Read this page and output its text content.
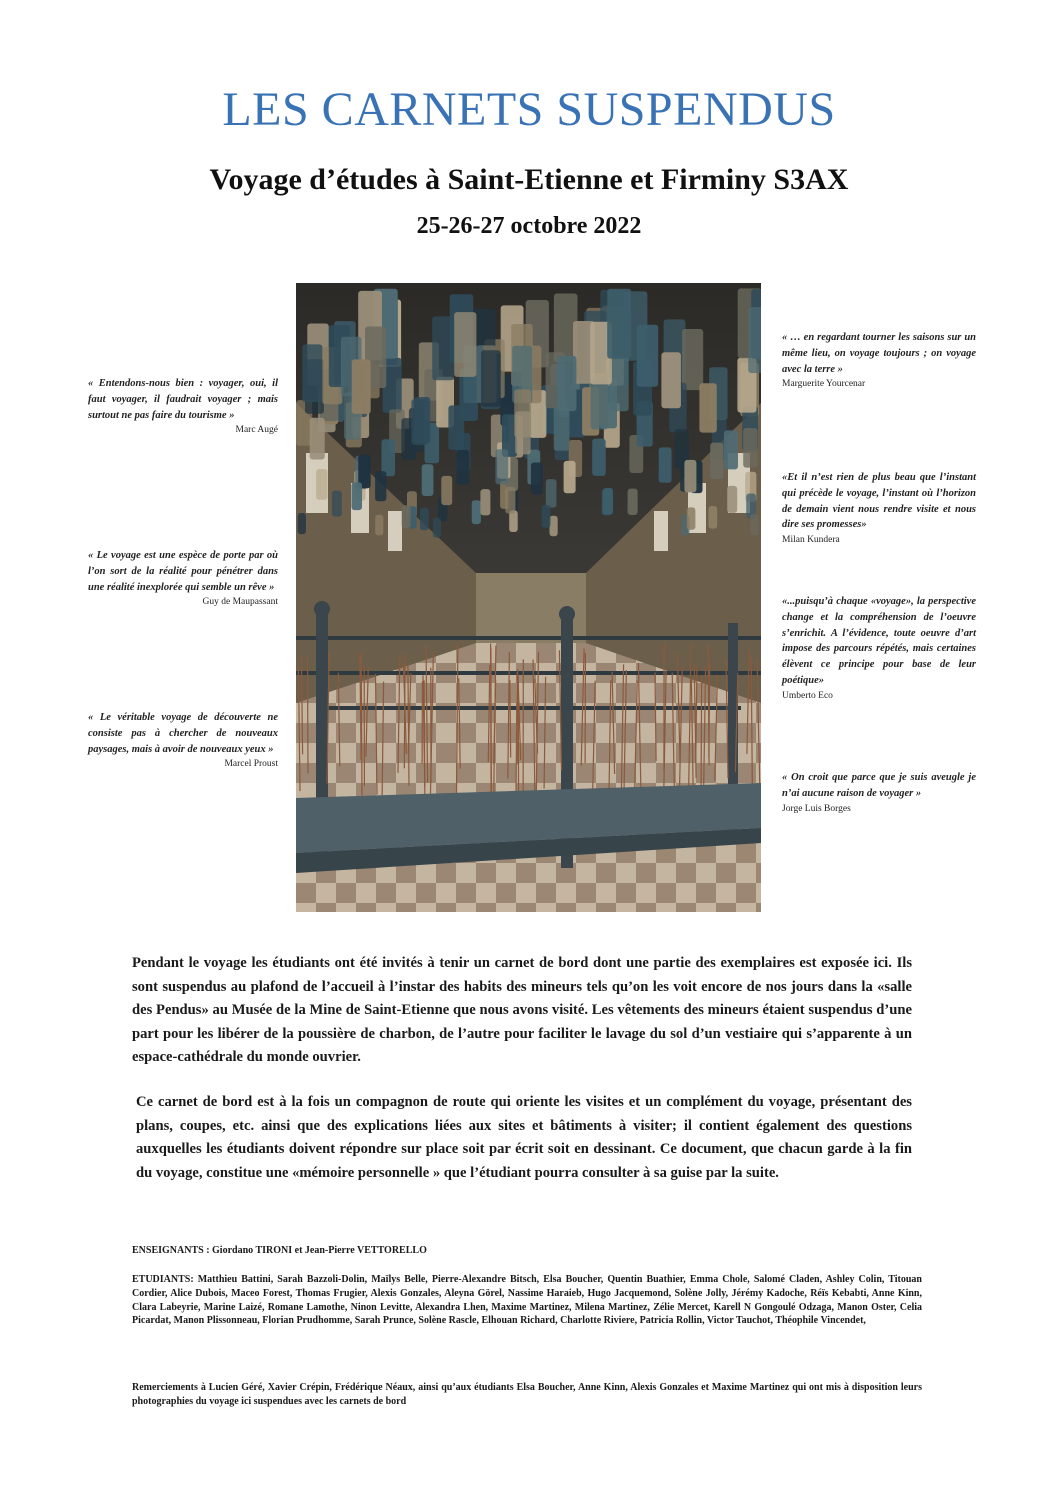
LES CARNETS SUSPENDUS
Voyage d’études à Saint-Etienne et Firminy S3AX
25-26-27 octobre 2022
« Entendons-nous bien : voyager, oui, il faut voyager, il faudrait voyager ; mais surtout ne pas faire du tourisme »
Marc Augé
« Le voyage est une espèce de porte par où l’on sort de la réalité pour pénétrer dans une réalité inexplorée qui semble un rêve »
Guy de Maupassant
« Le véritable voyage de découverte ne consiste pas à chercher de nouveaux paysages, mais à avoir de nouveaux yeux »
Marcel Proust
« … en regardant tourner les saisons sur un même lieu, on voyage toujours ; on voyage avec la terre »
Marguerite Yourcenar
«Et il n’est rien de plus beau que l’instant qui précède le voyage, l’instant où l’horizon de demain vient nous rendre visite et nous dire ses promesses»
Milan Kundera
«...puisqu’à chaque «voyage», la perspective change et la compréhension de l’oeuvre s’enrichit. A l’évidence, toute oeuvre d’art impose des parcours répétés, mais certaines élèvent ce principe pour base de leur poétique»
Umberto Eco
« On croit que parce que je suis aveugle je n’ai aucune raison de voyager »
Jorge Luis Borges
Pendant le voyage les étudiants ont été invités à tenir un carnet de bord dont une partie des exemplaires est exposée ici. Ils sont suspendus au plafond de l’accueil à l’instar des habits des mineurs tels qu’on les voit encore de nos jours dans la «salle des Pendus» au Musée de la Mine de Saint-Etienne que nous avons visité. Les vêtements des mineurs étaient suspendus d’une part pour les libérer de la poussière de charbon, de l’autre pour faciliter le lavage du sol d’un vestiaire qui s’apparente à un espace-cathédrale du monde ouvrier.
Ce carnet de bord est à la fois un compagnon de route qui oriente les visites et un complément du voyage, présentant des plans, coupes, etc. ainsi que des explications liées aux sites et bâtiments à visiter; il contient également des questions auxquelles les étudiants doivent répondre sur place soit par écrit soit en dessinant. Ce document, que chacun garde à la fin du voyage, constitue une «mémoire personnelle » que l’étudiant pourra consulter à sa guise par la suite.
ENSEIGNANTS : Giordano TIRONI et Jean-Pierre VETTORELLO
ETUDIANTS: Matthieu Battini, Sarah Bazzoli-Dolin, Maïlys Belle, Pierre-Alexandre Bitsch, Elsa Boucher, Quentin Buathier, Emma Chole, Salomé Claden, Ashley Colin, Titouan Cordier, Alice Dubois, Maceo Forest, Thomas Frugier, Alexis Gonzales, Aleyna Görel, Nassime Haraieb, Hugo Jacquemond, Solène Jolly, Jérémy Kadoche, Réïs Kebabti, Anne Kinn, Clara Labeyrie, Marine Laizé, Romane Lamothe, Ninon Levitte, Alexandra Lhen, Maxime Martinez, Milena Martinez, Zélie Mercet, Karell N Gongoulé Odzaga, Manon Oster, Celia Picardat, Manon Plissonneau, Florian Prudhomme, Sarah Prunce, Solène Rascle, Elhouan Richard, Charlotte Riviere, Patricia Rollin, Victor Tauchot, Théophile Vincendet,
Remerciements à Lucien Géré, Xavier Crépin, Frédérique Néaux, ainsi qu’aux étudiants Elsa Boucher, Anne Kinn, Alexis Gonzales et Maxime Martinez qui ont mis à disposition leurs photographies du voyage ici suspendues avec les carnets de bord
